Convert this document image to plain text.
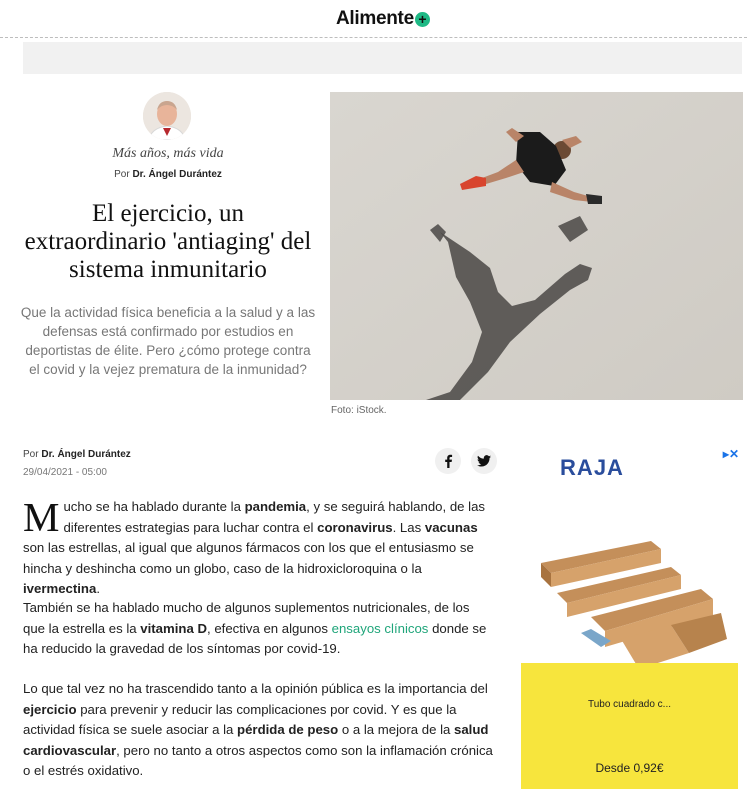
Alimente +
Más años, más vida
Por Dr. Ángel Durántez
El ejercicio, un extraordinario 'antiaging' del sistema inmunitario

Que la actividad física beneficia a la salud y a las defensas está confirmado por estudios en deportistas de élite. Pero ¿cómo protege contra el covid y la vejez prematura de la inmunidad?

Foto: iStock.
Por Dr. Ángel Durántez
29/04/2021 - 05:00

Mucho se ha hablado durante la pandemia, y se seguirá hablando, de las diferentes estrategias para luchar contra el coronavirus. Las vacunas son las estrellas, al igual que algunos fármacos con los que el entusiasmo se hincha y deshincha como un globo, caso de la hidroxicloroquina o la ivermectina.

También se ha hablado mucho de algunos suplementos nutricionales, de los que la estrella es la vitamina D, efectiva en algunos ensayos clínicos donde se ha reducido la gravedad de los síntomas por covid-19.

Lo que tal vez no ha trascendido tanto a la opinión pública es la importancia del ejercicio para prevenir y reducir las complicaciones por covid. Y es que la actividad física se suele asociar a la pérdida de peso o a la mejora de la salud cardiovascular, pero no tanto a otros aspectos como son la inflamación crónica o el estrés oxidativo.

▸✕
RAJA
Tubo cuadrado c...
Desde 0,92€
